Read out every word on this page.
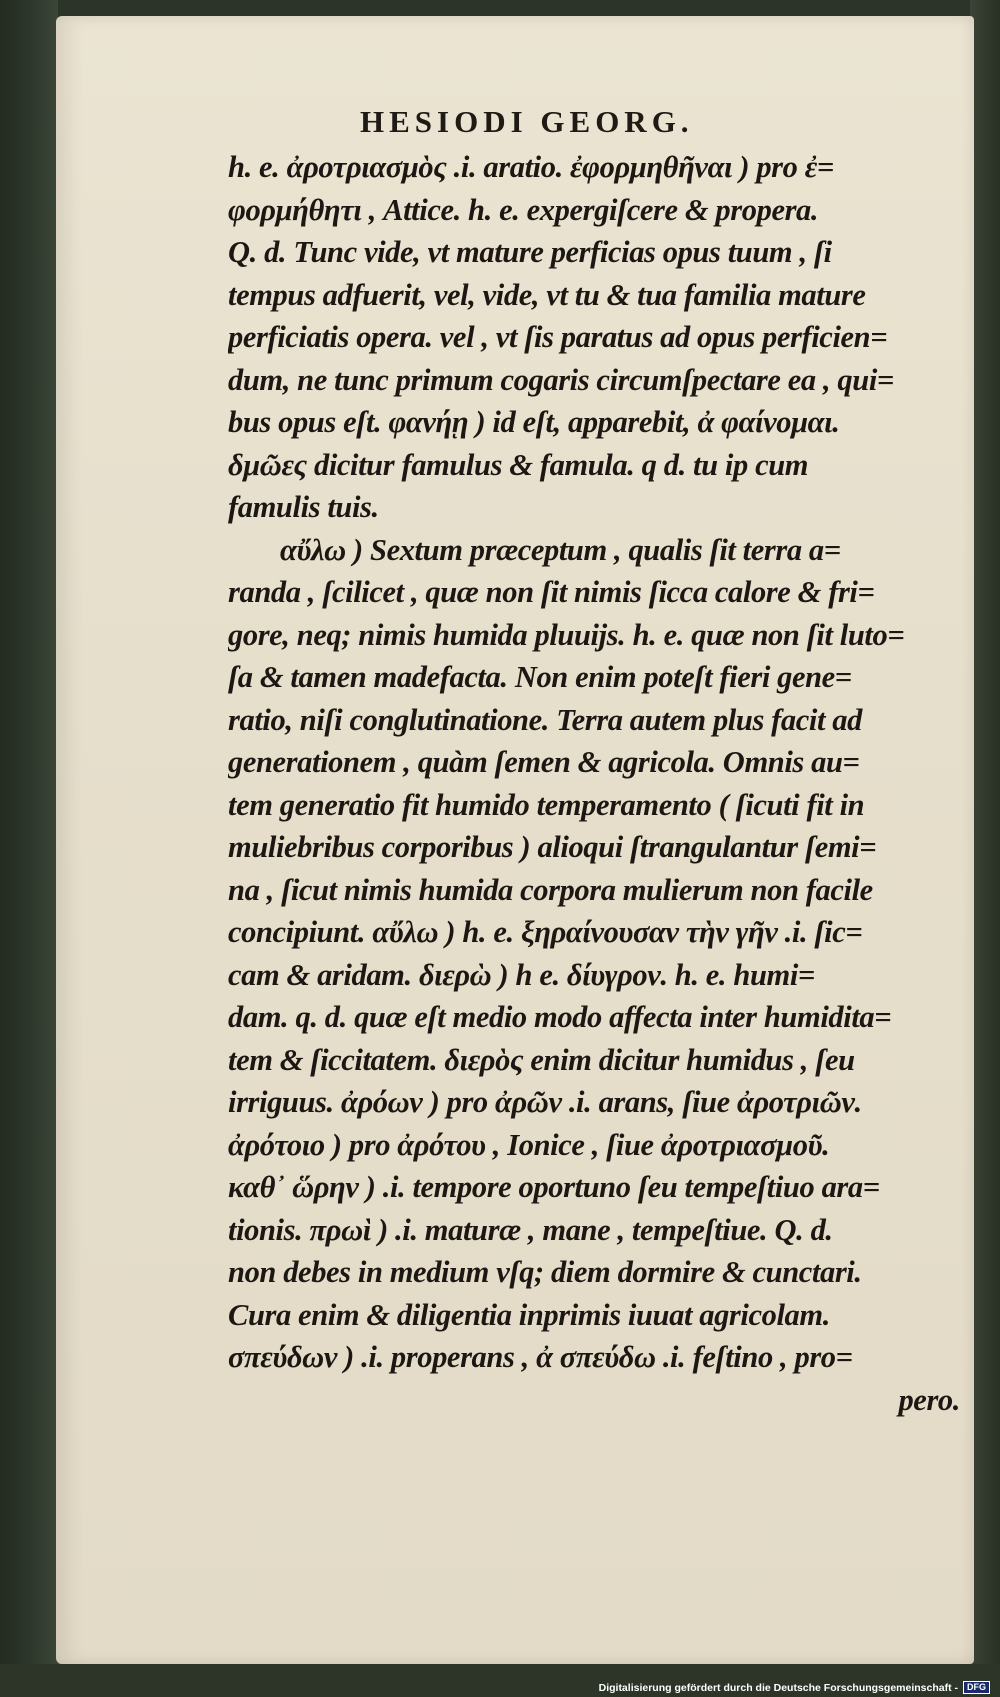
HESIODI GEORG.
h. e. ἀροτριασμὸς .i. aratio. ἐφορμηθῆναι ) pro ἐ=
φορμήθητι , Attice. h. e. expergiſcere & propera.
Q. d. Tunc vide, vt mature perficias opus tuum , ſi
tempus adfuerit, vel, vide, vt tu & tua familia mature
perficiatis opera. vel , vt ſis paratus ad opus perficien=
dum, ne tunc primum cogaris circumſpectare ea , qui=
bus opus eſt. φανήῃ ) id eſt, apparebit, ἀ φαίνομαι.
δμῶες dicitur famulus & famula. q d. tu ip cum
famulis tuis.
αὔλω ) Sextum præceptum , qualis ſit terra a=
randa , ſcilicet , quæ non ſit nimis ſicca calore & fri=
gore, neq; nimis humida pluuijs. h. e. quæ non ſit luto=
ſa & tamen madefacta. Non enim poteſt fieri gene=
ratio, niſi conglutinatione. Terra autem plus facit ad
generationem , quàm ſemen & agricola. Omnis au=
tem generatio fit humido temperamento ( ſicuti fit in
muliebribus corporibus ) alioqui ſtrangulantur ſemi=
na , ſicut nimis humida corpora mulierum non facile
concipiunt. αὔλω ) h. e. ξηραίνουσαν τὴν γῆν .i. ſic=
cam & aridam. διερὼ ) h e. δίυγρον. h. e. humi=
dam. q. d. quæ eſt medio modo affecta inter humidita=
tem & ſiccitatem. διερὸς enim dicitur humidus , ſeu
irriguus. ἀρόων ) pro ἀρῶν .i. arans, ſiue ἀροτριῶν.
ἀρότοιο ) pro ἀρότου , Ionice , ſiue ἀροτριασμοῦ.
καθ᾽ ὥρην ) .i. tempore oportuno ſeu tempeſtiuo ara=
tionis. πρωὶ ) .i. maturæ , mane , tempeſtiue. Q. d.
non debes in medium vſq; diem dormire & cunctari.
Cura enim & diligentia inprimis iuuat agricolam.
σπεύδων ) .i. properans , ἀ σπεύδω .i. feſtino , pro=
pero.
Digitalisierung gefördert durch die Deutsche Forschungsgemeinschaft -	DFG
